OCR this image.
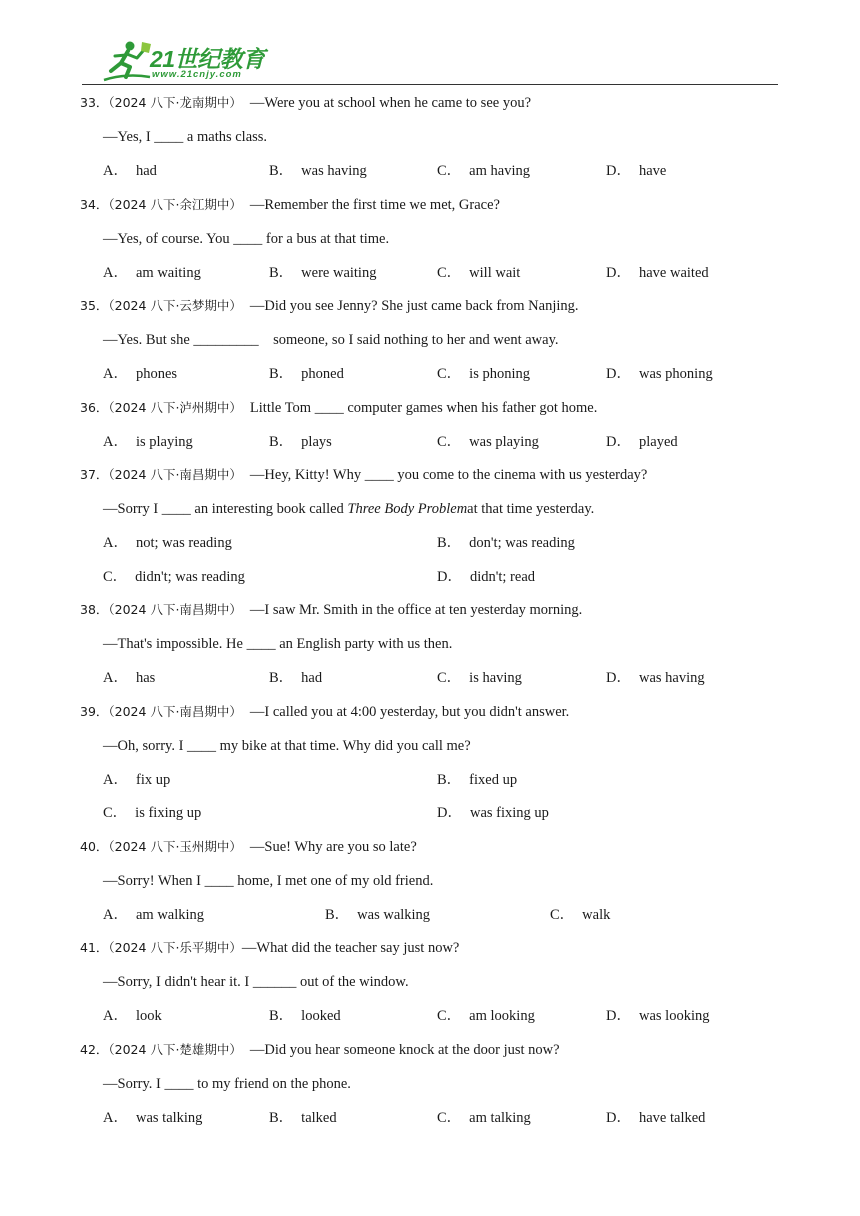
21世纪教育
www.21cnjy.com
33．（2024 八下·龙南期中） —Were you at school when he came to see you?
—Yes, I ____ a maths class.
A． had	B． was having	C． am having	D． have
34．（2024 八下·余江期中） —Remember the first time we met, Grace?
—Yes, of course. You ____ for a bus at that time.
A． am waiting	B． were waiting	C． will wait	D． have waited
35．（2024 八下·云梦期中） —Did you see Jenny? She just came back from Nanjing.
—Yes. But she _________    someone, so I said nothing to her and went away.
A． phones	B． phoned	C． is phoning	D． was phoning
36．（2024 八下·泸州期中） Little Tom ____ computer games when his father got home.
A． is playing	B． plays	C． was playing	D． played
37．（2024 八下·南昌期中） —Hey, Kitty! Why ____ you come to the cinema with us yesterday?
—Sorry I ____ an interesting book called Three Body Problemat that time yesterday.
A． not; was reading	B． don't; was reading
C． didn't; was reading	D． didn't; read
38．（2024 八下·南昌期中） —I saw Mr. Smith in the office at ten yesterday morning.
—That's impossible. He ____ an English party with us then.
A． has	B． had	C． is having	D． was having
39．（2024 八下·南昌期中） —I called you at 4:00 yesterday, but you didn't answer.
—Oh, sorry. I ____ my bike at that time. Why did you call me?
A． fix up	B． fixed up
C． is fixing up	D． was fixing up
40．（2024 八下·玉州期中） —Sue! Why are you so late?
—Sorry! When I ____ home, I met one of my old friend.
A． am walking	B． was walking	C． walk
41．（2024 八下·乐平期中）—What did the teacher say just now?
—Sorry, I didn't hear it. I ______ out of the window.
A． look	B． looked	C． am looking	D． was looking
42．（2024 八下·楚雄期中） —Did you hear someone knock at the door just now?
—Sorry. I ____ to my friend on the phone.
A． was talking	B． talked	C． am talking	D． have talked
